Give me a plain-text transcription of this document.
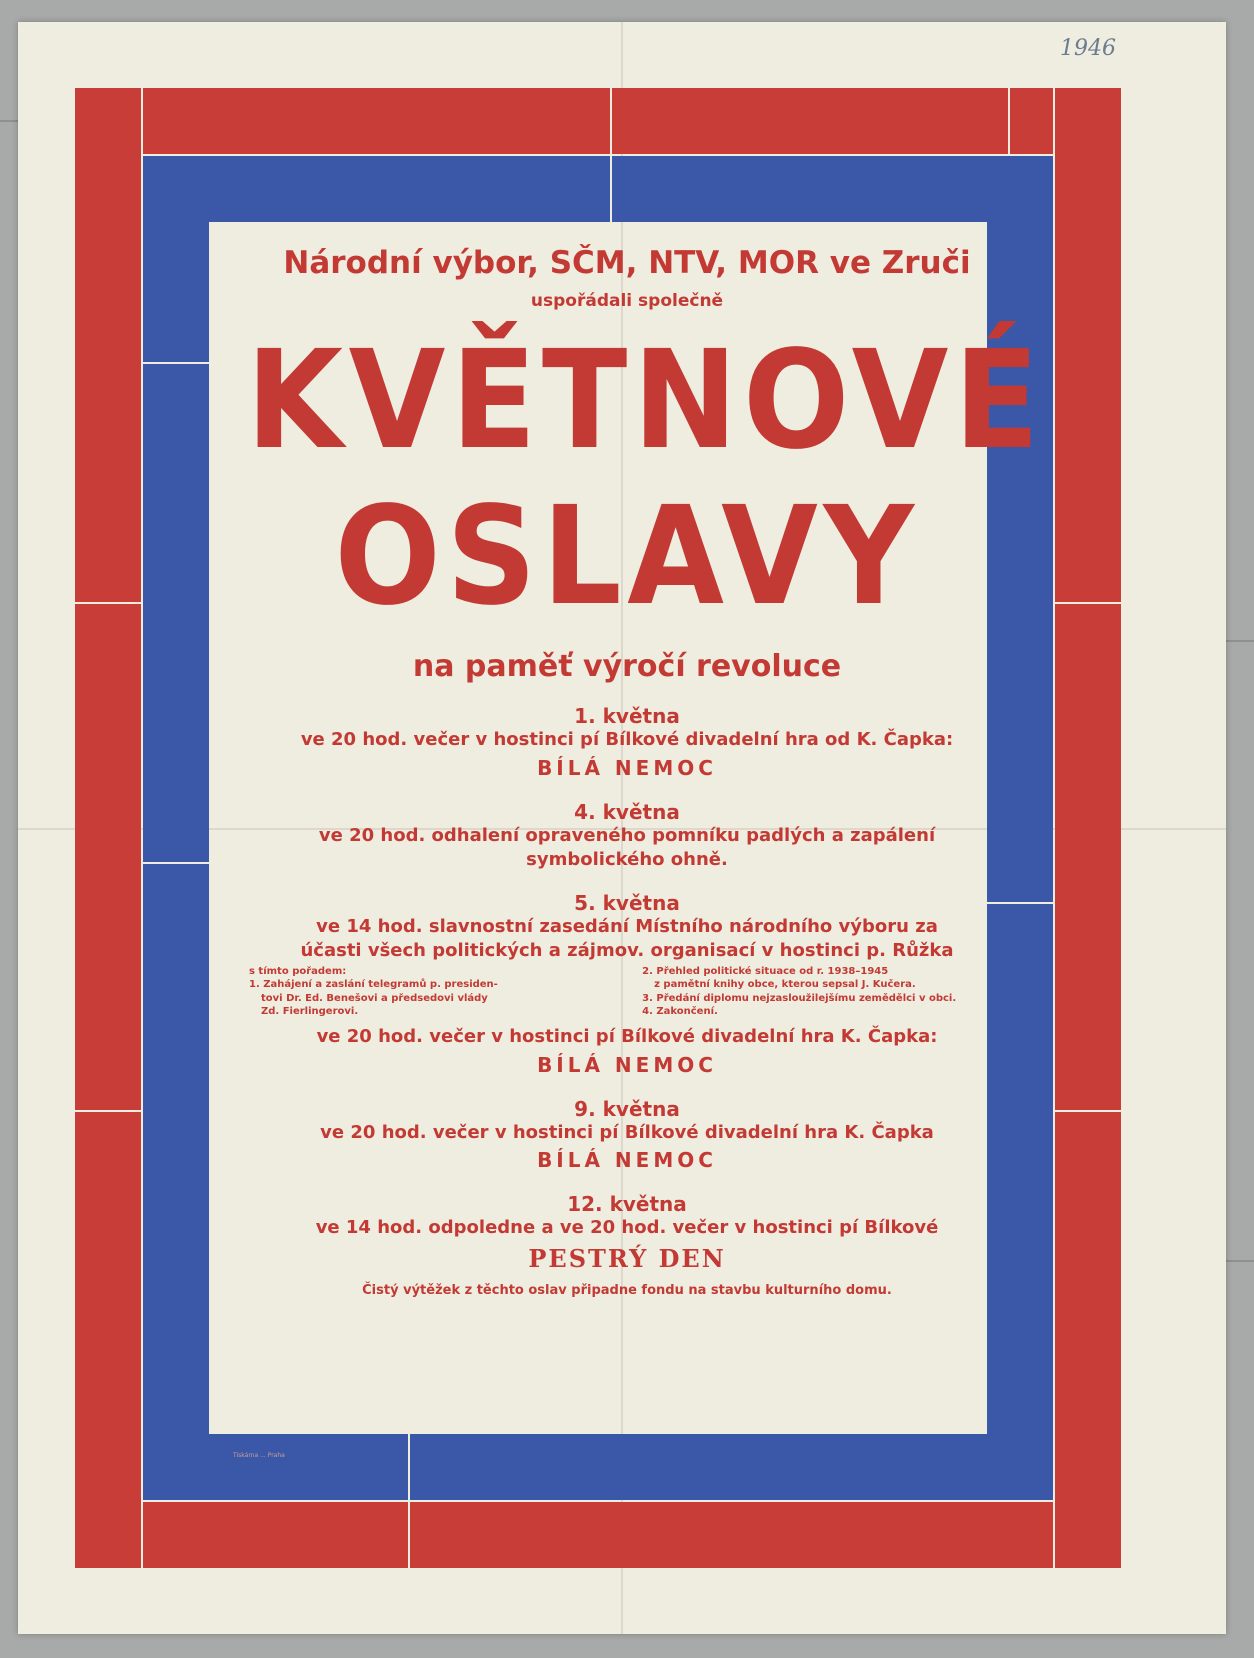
1946
Národní výbor, SČM, NTV, MOR ve Zruči
uspořádali společně
KVĚTNOVÉ
OSLAVY
na paměť výročí revoluce
1. května
ve 20 hod. večer v hostinci pí Bílkové divadelní hra od K. Čapka:
BÍLÁ NEMOC
4. května
ve 20 hod. odhalení opraveného pomníku padlých a zapálení
symbolického ohně.
5. května
ve 14 hod. slavnostní zasedání Místního národního výboru za
účasti všech politických a zájmov. organisací v hostinci p. Růžka
s tímto pořadem:
1. Zahájení a zaslání telegramů p. presiden-
tovi Dr. Ed. Benešovi a předsedovi vlády
Zd. Fierlingerovi.
2. Přehled politické situace od r. 1938–1945
z pamětní knihy obce, kterou sepsal J. Kučera.
3. Předání diplomu nejzasloužilejšímu zemědělci v obci.
4. Zakončení.
ve 20 hod. večer v hostinci pí Bílkové divadelní hra K. Čapka:
BÍLÁ NEMOC
9. května
ve 20 hod. večer v hostinci pí Bílkové divadelní hra K. Čapka
BÍLÁ NEMOC
12. května
ve 14 hod. odpoledne a ve 20 hod. večer v hostinci pí Bílkové
PESTRÝ DEN
Čistý výtěžek z těchto oslav připadne fondu na stavbu kulturního domu.
Tiskárna ... Praha
